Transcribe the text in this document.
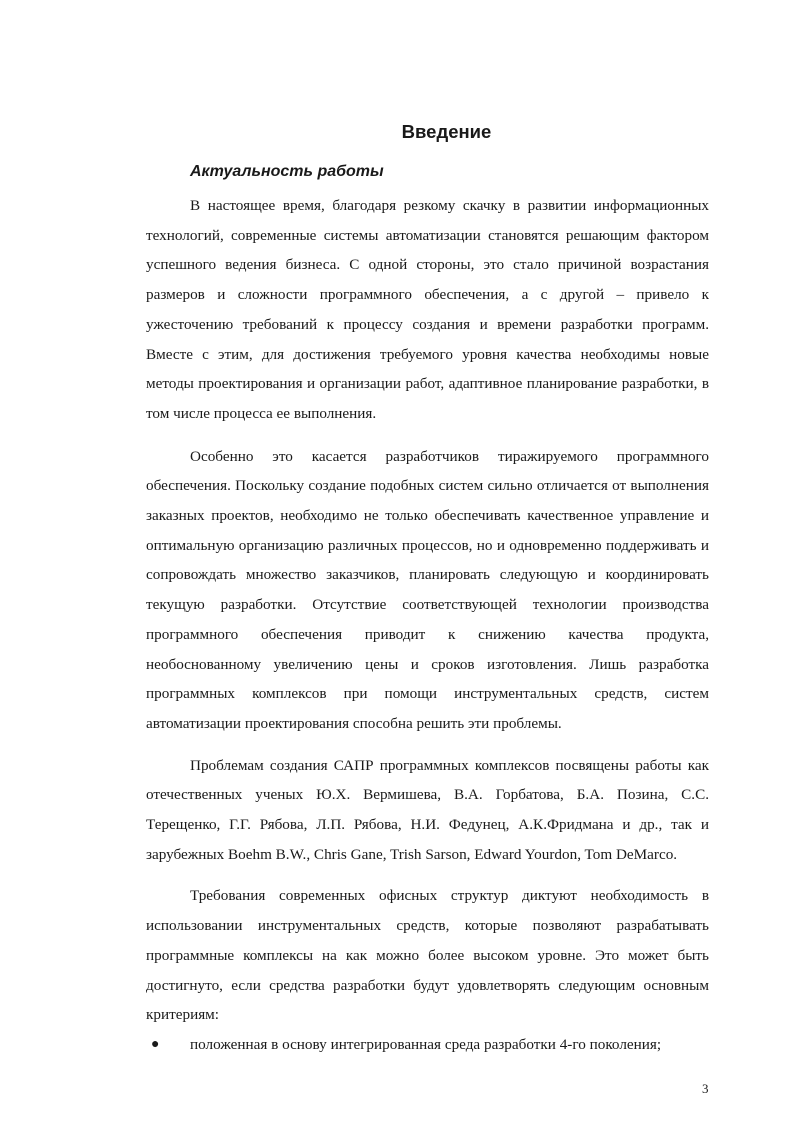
Введение
Актуальность работы

В настоящее время, благодаря резкому скачку в развитии информационных технологий, современные системы автоматизации становятся решающим фактором успешного ведения бизнеса. С одной стороны, это стало причиной возрастания размеров и сложности программного обеспечения, а с другой – привело к ужесточению требований к процессу создания и времени разработки программ. Вместе с этим, для достижения требуемого уровня качества необходимы новые методы проектирования и организации работ, адаптивное планирование разработки, в том числе процесса ее выполнения.

Особенно это касается разработчиков тиражируемого программного обеспечения. Поскольку создание подобных систем сильно отличается от выполнения заказных проектов, необходимо не только обеспечивать качественное управление и оптимальную организацию различных процессов, но и одновременно поддерживать и сопровождать множество заказчиков, планировать следующую и координировать текущую разработки. Отсутствие соответствующей технологии производства программного обеспечения приводит к снижению качества продукта, необоснованному увеличению цены и сроков изготовления. Лишь разработка программных комплексов при помощи инструментальных средств, систем автоматизации проектирования способна решить эти проблемы.

Проблемам создания САПР программных комплексов посвящены работы как отечественных ученых Ю.Х. Вермишева, В.А. Горбатова, Б.А. Позина, С.С. Терещенко, Г.Г. Рябова, Л.П. Рябова, Н.И. Федунец, А.К.Фридмана и др., так и зарубежных Boehm B.W., Chris Gane, Trish Sarson, Edward Yourdon, Tom DeMarco.

Требования современных офисных структур диктуют необходимость в использовании инструментальных средств, которые позволяют разрабатывать программные комплексы на как можно более высоком уровне. Это может быть достигнуто, если средства разработки будут удовлетворять следующим основным критериям:

● положенная в основу интегрированная среда разработки 4-го поколения;
3
